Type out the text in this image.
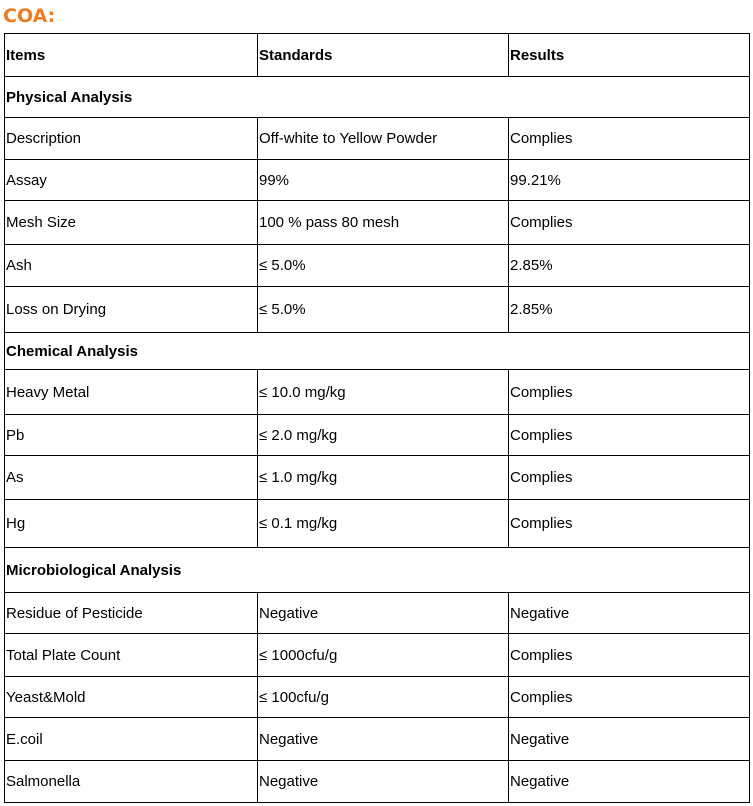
COA:
Items	Standards	Results
Physical Analysis		
Description	Off-white to Yellow Powder	Complies
Assay	99%	99.21%
Mesh Size	100 % pass 80 mesh	Complies
Ash	≤ 5.0%	2.85%
Loss on Drying	≤ 5.0%	2.85%
Chemical Analysis		
Heavy Metal	≤ 10.0 mg/kg	Complies
Pb	≤ 2.0 mg/kg	Complies
As	≤ 1.0 mg/kg	Complies
Hg	≤ 0.1 mg/kg	Complies
Microbiological Analysis		
Residue of Pesticide	Negative	Negative
Total Plate Count	≤ 1000cfu/g	Complies
Yeast&Mold	≤ 100cfu/g	Complies
E.coil	Negative	Negative
Salmonella	Negative	Negative
